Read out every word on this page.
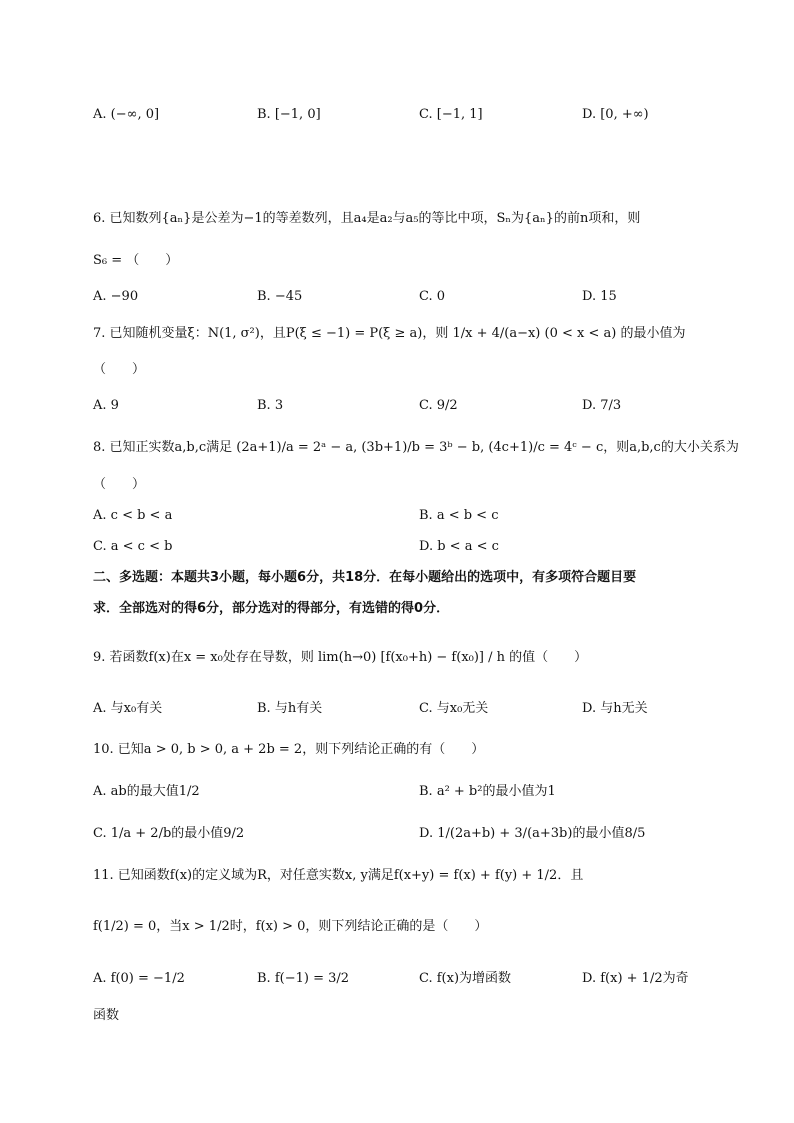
A. (−∞, 0]	B. [−1, 0]	C. [−1, 1]	D. [0, +∞)
6. 已知数列{aₙ}是公差为−1的等差数列，且a₄是a₂与a₅的等比中项，Sₙ为{aₙ}的前n项和，则
S₆ = （　　）
A. −90	B. −45	C. 0	D. 15
7. 已知随机变量ξ：N(1, σ²)，且P(ξ ≤ −1) = P(ξ ≥ a)，则 1/x + 4/(a−x) (0 < x < a) 的最小值为
（　　）
A. 9	B. 3	C. 9/2	D. 7/3
8. 已知正实数a,b,c满足 (2a+1)/a = 2ᵃ − a, (3b+1)/b = 3ᵇ − b, (4c+1)/c = 4ᶜ − c，则a,b,c的大小关系为
（　　）
A. c < b < a	B. a < b < c
C. a < c < b	D. b < a < c
二、多选题：本题共3小题，每小题6分，共18分．在每小题给出的选项中，有多项符合题目要
求．全部选对的得6分，部分选对的得部分，有选错的得0分．
9. 若函数f(x)在x = x₀处存在导数，则 lim(h→0) [f(x₀+h) − f(x₀)] / h 的值（　　）
A. 与x₀有关	B. 与h有关	C. 与x₀无关	D. 与h无关
10. 已知a > 0, b > 0, a + 2b = 2，则下列结论正确的有（　　）
A. ab的最大值1/2	B. a² + b²的最小值为1
C. 1/a + 2/b的最小值9/2	D. 1/(2a+b) + 3/(a+3b)的最小值8/5
11. 已知函数f(x)的定义域为R，对任意实数x, y满足f(x+y) = f(x) + f(y) + 1/2．且
f(1/2) = 0，当x > 1/2时，f(x) > 0，则下列结论正确的是（　　）
A. f(0) = −1/2	B. f(−1) = 3/2	C. f(x)为增函数	D. f(x) + 1/2为奇
函数
